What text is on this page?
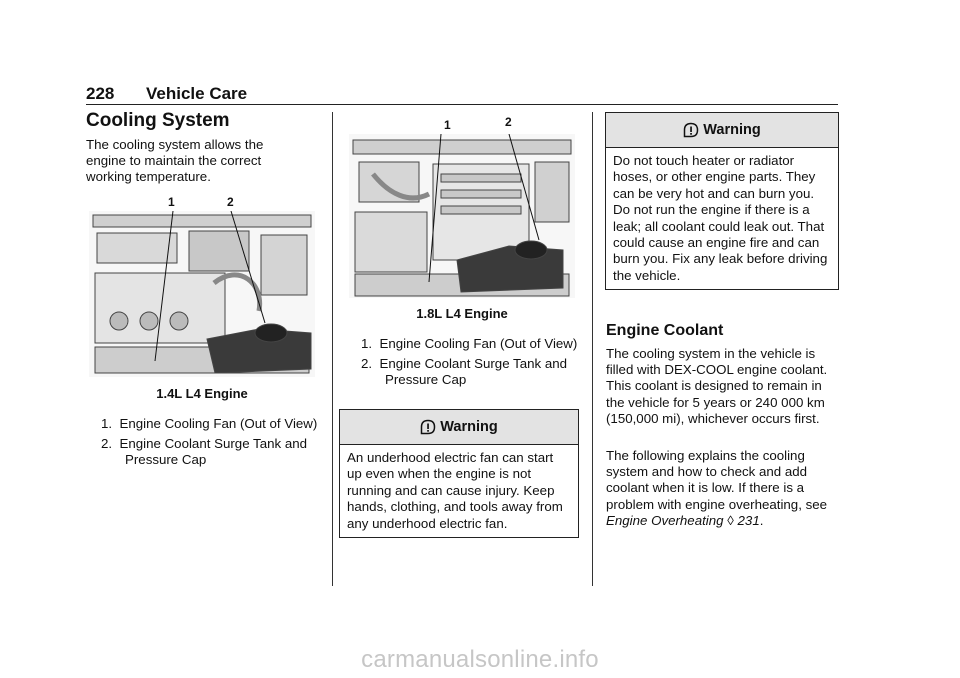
228 Vehicle Care
Cooling System
The cooling system allows the engine to maintain the correct working temperature.
1	2
1.4L L4 Engine
1. Engine Cooling Fan (Out of View)
2. Engine Coolant Surge Tank and Pressure Cap
1	2
1.8L L4 Engine
1. Engine Cooling Fan (Out of View)
2. Engine Coolant Surge Tank and Pressure Cap
Warning
An underhood electric fan can start up even when the engine is not running and can cause injury. Keep hands, clothing, and tools away from any underhood electric fan.
Warning
Do not touch heater or radiator hoses, or other engine parts. They can be very hot and can burn you. Do not run the engine if there is a leak; all coolant could leak out. That could cause an engine fire and can burn you. Fix any leak before driving the vehicle.
Engine Coolant
The cooling system in the vehicle is filled with DEX-COOL engine coolant. This coolant is designed to remain in the vehicle for 5 years or 240 000 km (150,000 mi), whichever occurs first.
The following explains the cooling system and how to check and add coolant when it is low. If there is a problem with engine overheating, see Engine Overheating ◊ 231.
carmanualsonline.info
